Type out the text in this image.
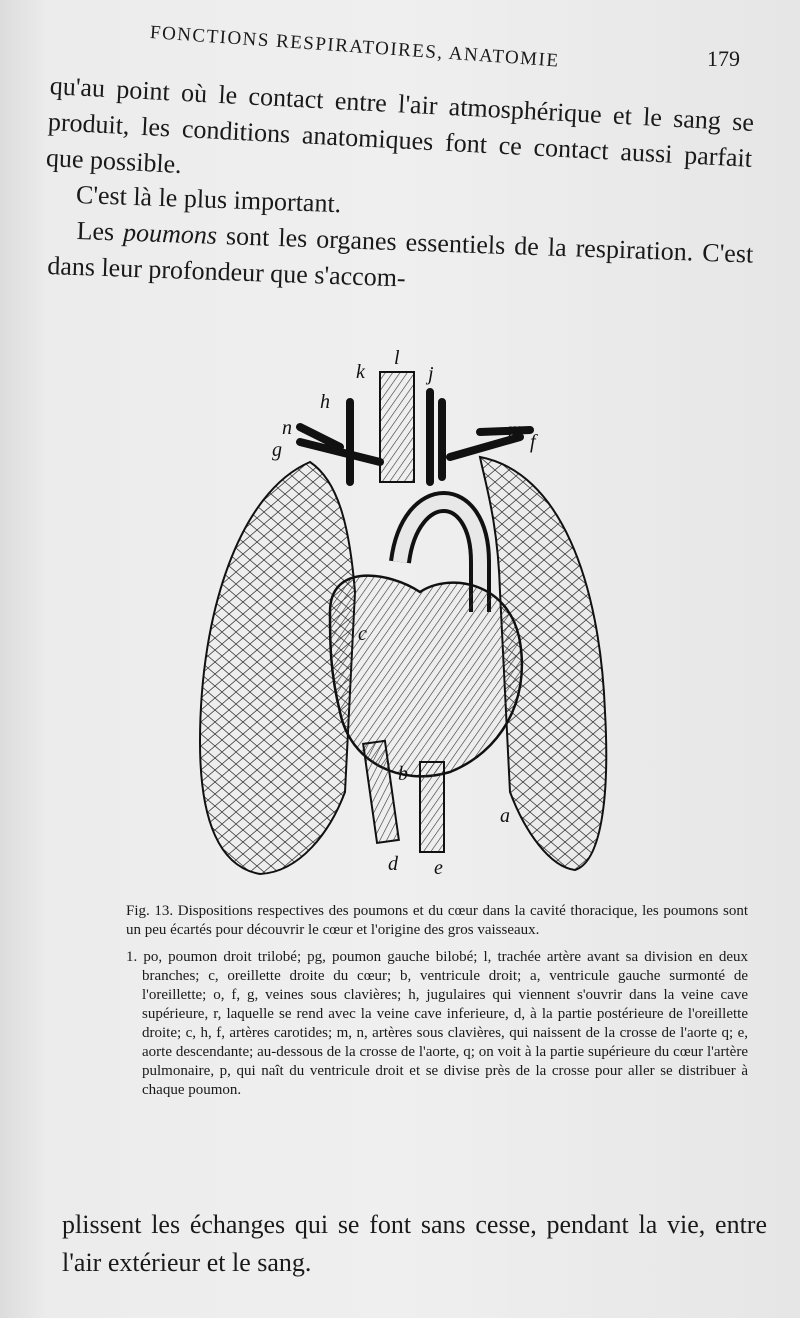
FONCTIONS RESPIRATOIRES, ANATOMIE	179

qu'au point où le contact entre l'air atmosphérique et le sang se produit, les conditions anatomiques font ce contact aussi parfait que possible.

C'est là le plus important.

Les poumons sont les organes essentiels de la respiration. C'est dans leur profondeur que s'accom-

l
k	j
h
n	m
g	f
c
b
a
d e

Fig. 13. Dispositions respectives des poumons et du cœur dans la cavité thoracique, les poumons sont un peu écartés pour découvrir le cœur et l'origine des gros vaisseaux.

1. po, poumon droit trilobé; pg, poumon gauche bilobé; l, trachée artère avant sa division en deux branches; c, oreillette droite du cœur; b, ventricule droit; a, ventricule gauche surmonté de l'oreillette; o, f, g, veines sous clavières; h, jugulaires qui viennent s'ouvrir dans la veine cave supérieure, r, laquelle se rend avec la veine cave inferieure, d, à la partie postérieure de l'oreillette droite; c, h, f, artères carotides; m, n, artères sous clavières, qui naissent de la crosse de l'aorte q; e, aorte descendante; au-dessous de la crosse de l'aorte, q; on voit à la partie supérieure du cœur l'artère pulmonaire, p, qui naît du ventricule droit et se divise près de la crosse pour aller se distribuer à chaque poumon.

plissent les échanges qui se font sans cesse, pendant la vie, entre l'air extérieur et le sang.
